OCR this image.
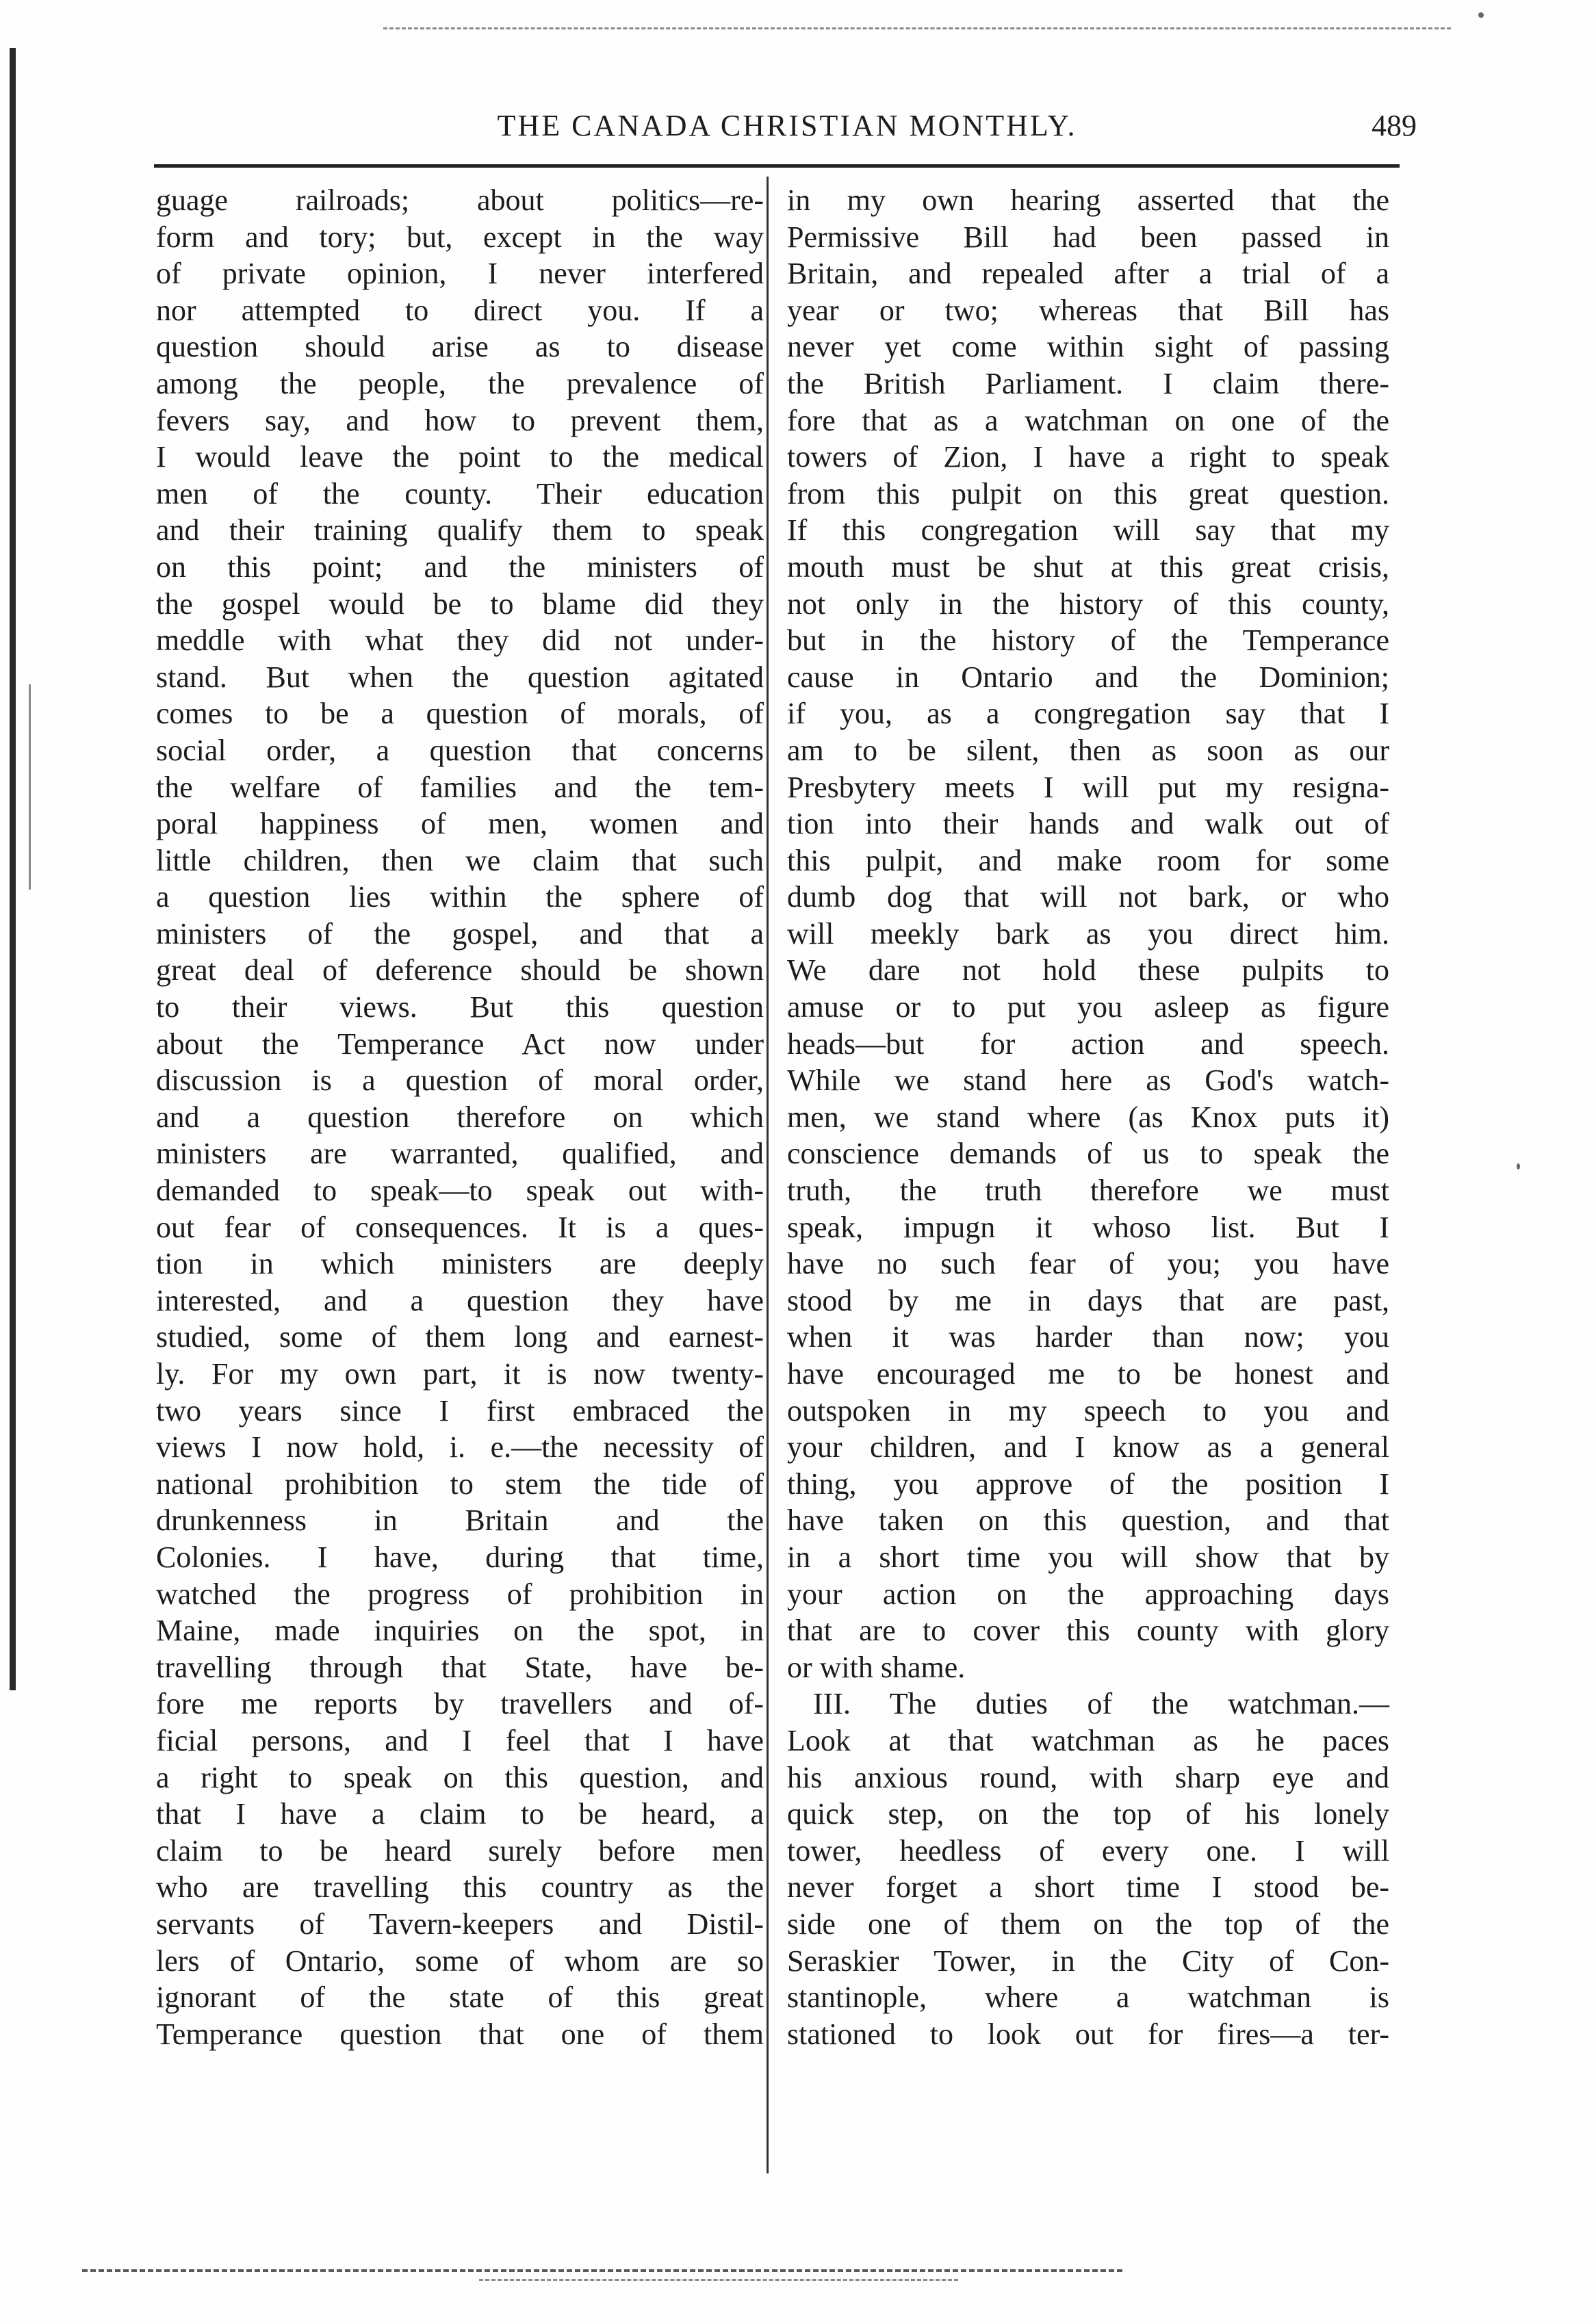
THE CANADA CHRISTIAN MONTHLY.	489
guage railroads; about politics—re-
form and tory; but, except in the way
of private opinion, I never interfered
nor attempted to direct you. If a
question should arise as to disease
among the people, the prevalence of
fevers say, and how to prevent them,
I would leave the point to the medical
men of the county. Their education
and their training qualify them to speak
on this point; and the ministers of
the gospel would be to blame did they
meddle with what they did not under-
stand. But when the question agitated
comes to be a question of morals, of
social order, a question that concerns
the welfare of families and the tem-
poral happiness of men, women and
little children, then we claim that such
a question lies within the sphere of
ministers of the gospel, and that a
great deal of deference should be shown
to their views. But this question
about the Temperance Act now under
discussion is a question of moral order,
and a question therefore on which
ministers are warranted, qualified, and
demanded to speak—to speak out with-
out fear of consequences. It is a ques-
tion in which ministers are deeply
interested, and a question they have
studied, some of them long and earnest-
ly. For my own part, it is now twenty-
two years since I first embraced the
views I now hold, i. e.—the necessity of
national prohibition to stem the tide of
drunkenness in Britain and the
Colonies. I have, during that time,
watched the progress of prohibition in
Maine, made inquiries on the spot, in
travelling through that State, have be-
fore me reports by travellers and of-
ficial persons, and I feel that I have
a right to speak on this question, and
that I have a claim to be heard, a
claim to be heard surely before men
who are travelling this country as the
servants of Tavern-keepers and Distil-
lers of Ontario, some of whom are so
ignorant of the state of this great
Temperance question that one of them
in my own hearing asserted that the
Permissive Bill had been passed in
Britain, and repealed after a trial of a
year or two; whereas that Bill has
never yet come within sight of passing
the British Parliament. I claim there-
fore that as a watchman on one of the
towers of Zion, I have a right to speak
from this pulpit on this great question.
If this congregation will say that my
mouth must be shut at this great crisis,
not only in the history of this county,
but in the history of the Temperance
cause in Ontario and the Dominion;
if you, as a congregation say that I
am to be silent, then as soon as our
Presbytery meets I will put my resigna-
tion into their hands and walk out of
this pulpit, and make room for some
dumb dog that will not bark, or who
will meekly bark as you direct him.
We dare not hold these pulpits to
amuse or to put you asleep as figure
heads—but for action and speech.
While we stand here as God's watch-
men, we stand where (as Knox puts it)
conscience demands of us to speak the
truth, the truth therefore we must
speak, impugn it whoso list. But I
have no such fear of you; you have
stood by me in days that are past,
when it was harder than now; you
have encouraged me to be honest and
outspoken in my speech to you and
your children, and I know as a general
thing, you approve of the position I
have taken on this question, and that
in a short time you will show that by
your action on the approaching days
that are to cover this county with glory
or with shame.
III. The duties of the watchman.—
Look at that watchman as he paces
his anxious round, with sharp eye and
quick step, on the top of his lonely
tower, heedless of every one. I will
never forget a short time I stood be-
side one of them on the top of the
Seraskier Tower, in the City of Con-
stantinople, where a watchman is
stationed to look out for fires—a ter-
